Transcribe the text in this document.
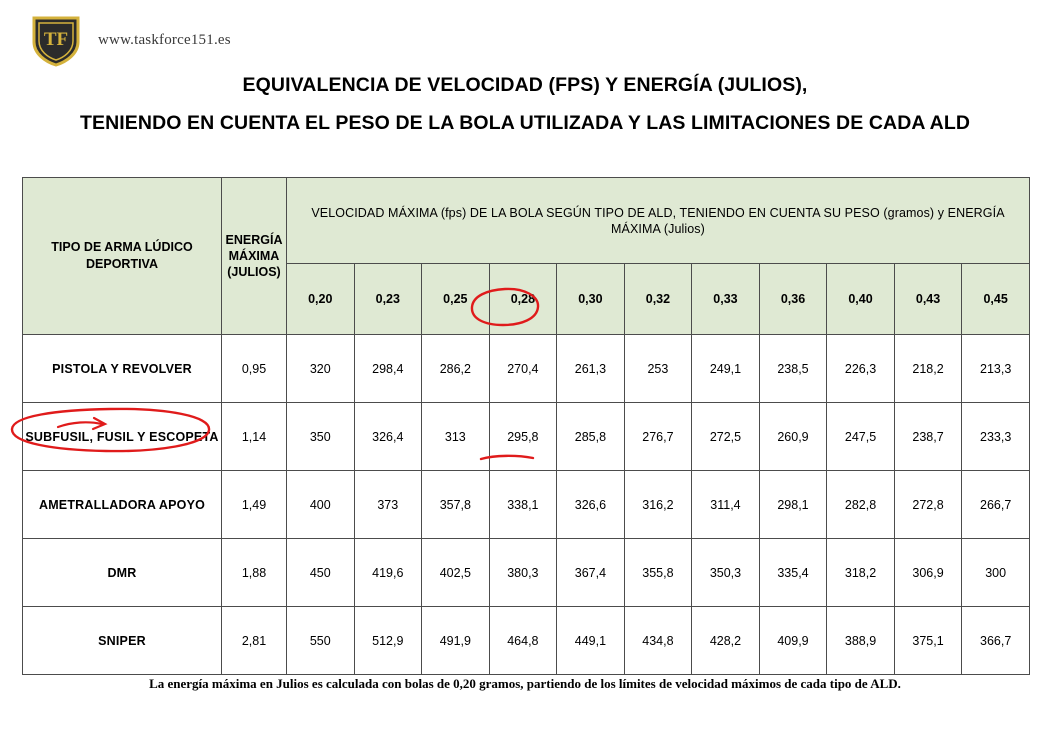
TF www.taskforce151.es
EQUIVALENCIA DE VELOCIDAD (FPS) Y ENERGÍA (JULIOS),
TENIENDO EN CUENTA EL PESO DE LA BOLA UTILIZADA Y LAS LIMITACIONES DE CADA ALD
TIPO DE ARMA LÚDICO DEPORTIVA	ENERGÍA MÁXIMA (JULIOS)	VELOCIDAD MÁXIMA (fps) DE LA BOLA SEGÚN TIPO DE ALD, TENIENDO EN CUENTA SU PESO (gramos) y ENERGÍA MÁXIMA (Julios)										
		0,20	0,23	0,25	0,28	0,30	0,32	0,33	0,36	0,40	0,43	0,45
PISTOLA Y REVOLVER	0,95	320	298,4	286,2	270,4	261,3	253	249,1	238,5	226,3	218,2	213,3
SUBFUSIL, FUSIL Y ESCOPETA	1,14	350	326,4	313	295,8	285,8	276,7	272,5	260,9	247,5	238,7	233,3
AMETRALLADORA APOYO	1,49	400	373	357,8	338,1	326,6	316,2	311,4	298,1	282,8	272,8	266,7
DMR	1,88	450	419,6	402,5	380,3	367,4	355,8	350,3	335,4	318,2	306,9	300
SNIPER	2,81	550	512,9	491,9	464,8	449,1	434,8	428,2	409,9	388,9	375,1	366,7
La energía máxima en Julios es calculada con bolas de 0,20 gramos, partiendo de los límites de velocidad máximos de cada tipo de ALD.
